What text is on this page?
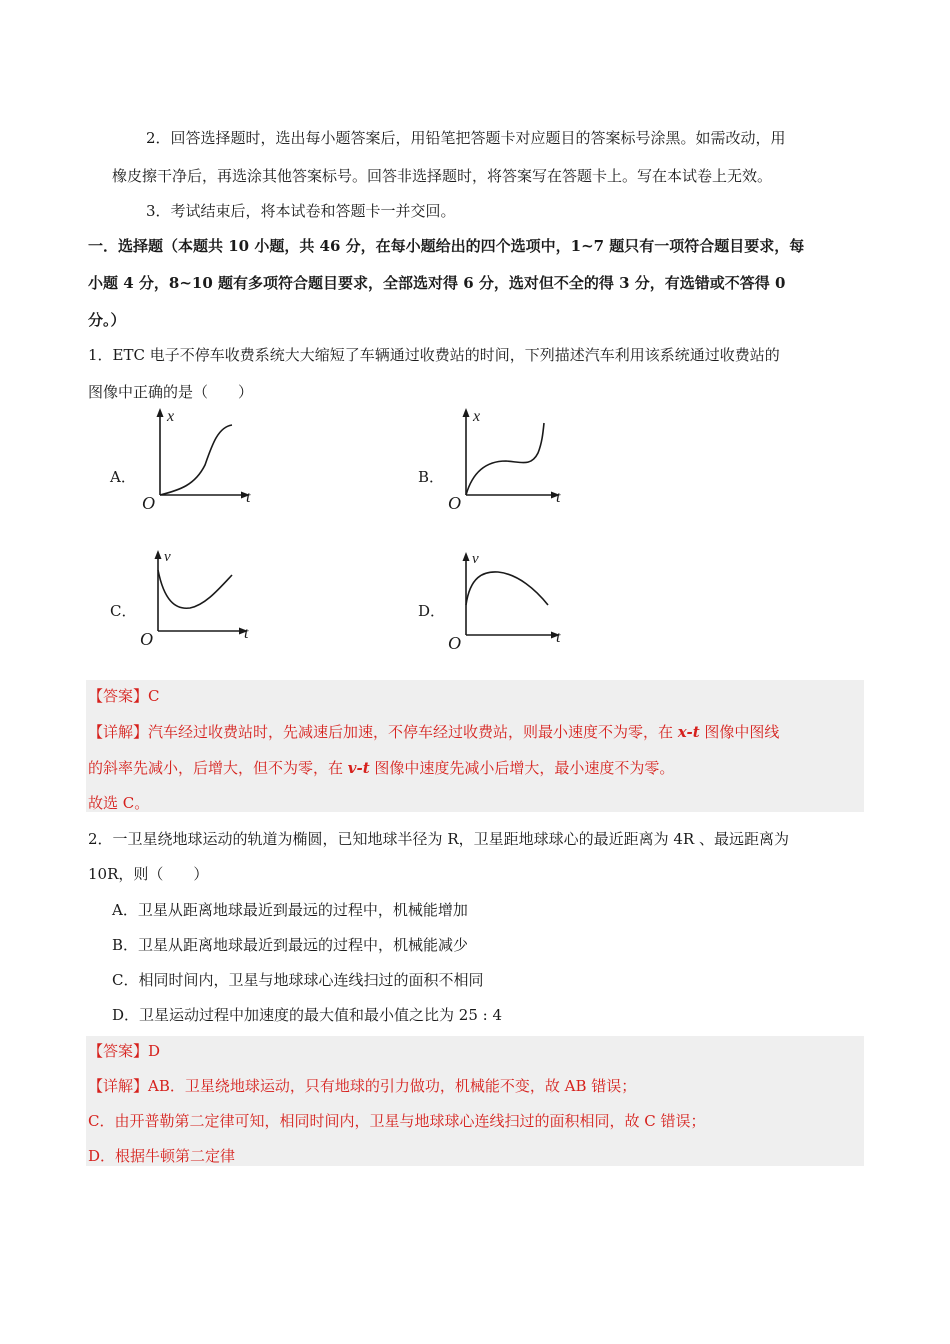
2．回答选择题时，选出每小题答案后，用铅笔把答题卡对应题目的答案标号涂黑。如需改动，用
橡皮擦干净后，再选涂其他答案标号。回答非选择题时，将答案写在答题卡上。写在本试卷上无效。
3．考试结束后，将本试卷和答题卡一并交回。
一．选择题（本题共 10 小题，共 46 分，在每小题给出的四个选项中，1~7 题只有一项符合题目要求，每
小题 4 分，8~10 题有多项符合题目要求，全部选对得 6 分，选对但不全的得 3 分，有选错或不答得 0
分。）
1．ETC 电子不停车收费系统大大缩短了车辆通过收费站的时间，下列描述汽车利用该系统通过收费站的
图像中正确的是（　　）
A．
x
t
O
B．
x
t
O
C．
v
t
O
D．
v
t
O
【答案】C
【详解】汽车经过收费站时，先减速后加速，不停车经过收费站，则最小速度不为零，在 x-t 图像中图线
的斜率先减小，后增大，但不为零，在 v-t 图像中速度先减小后增大，最小速度不为零。
故选 C。
2．一卫星绕地球运动的轨道为椭圆，已知地球半径为 R，卫星距地球球心的最近距离为 4R 、最远距离为
10R，则（　　）
A．卫星从距离地球最近到最远的过程中，机械能增加
B．卫星从距离地球最近到最远的过程中，机械能减少
C．相同时间内，卫星与地球球心连线扫过的面积不相同
D．卫星运动过程中加速度的最大值和最小值之比为 25 : 4
【答案】D
【详解】AB．卫星绕地球运动，只有地球的引力做功，机械能不变，故 AB 错误；
C．由开普勒第二定律可知，相同时间内，卫星与地球球心连线扫过的面积相同，故 C 错误；
D．根据牛顿第二定律
